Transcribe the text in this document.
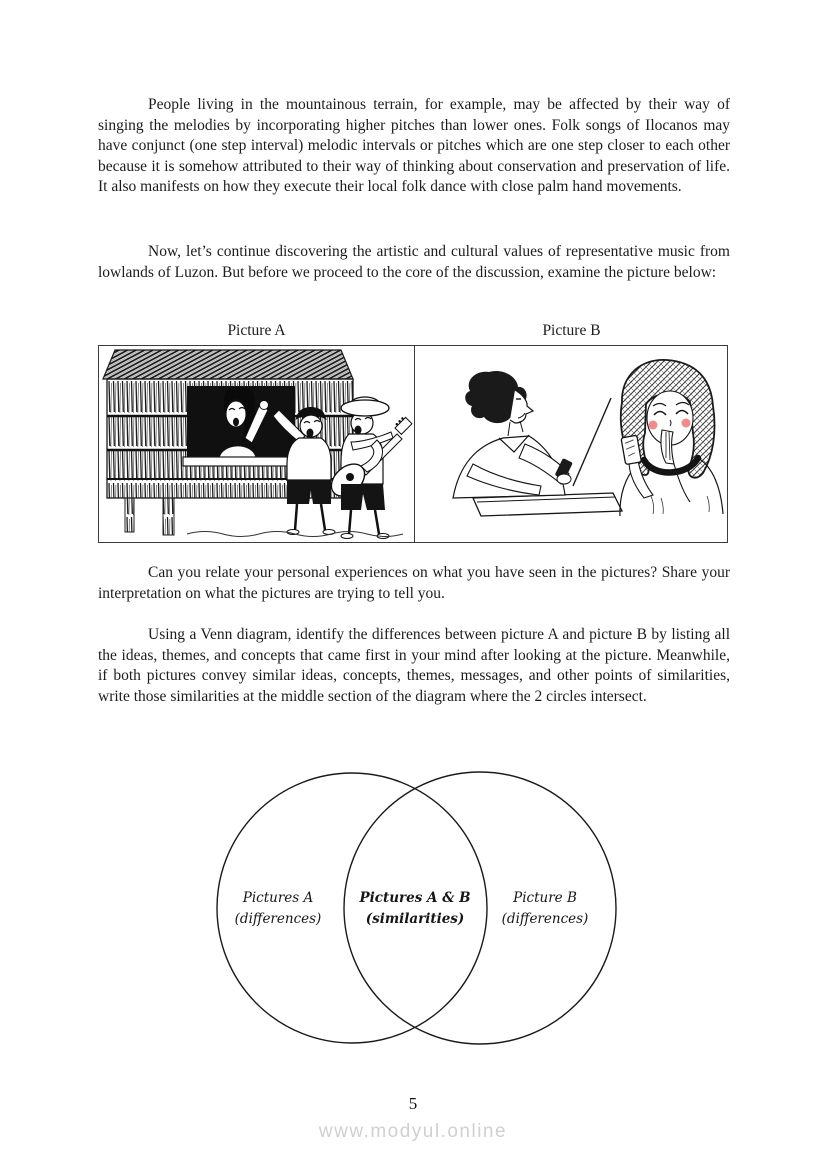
People living in the mountainous terrain, for example, may be affected by their way of singing the melodies by incorporating higher pitches than lower ones. Folk songs of Ilocanos may have conjunct (one step interval) melodic intervals or pitches which are one step closer to each other because it is somehow attributed to their way of thinking about conservation and preservation of life. It also manifests on how they execute their local folk dance with close palm hand movements.

Now, let’s continue discovering the artistic and cultural values of representative music from lowlands of Luzon. But before we proceed to the core of the discussion, examine the picture below:

Picture A	Picture B

Can you relate your personal experiences on what you have seen in the pictures? Share your interpretation on what the pictures are trying to tell you.

Using a Venn diagram, identify the differences between picture A and picture B by listing all the ideas, themes, and concepts that came first in your mind after looking at the picture. Meanwhile, if both pictures convey similar ideas, concepts, themes, messages, and other points of similarities, write those similarities at the middle section of the diagram where the 2 circles intersect.

Pictures A
(differences)
Pictures A & B
(similarities)
Picture B
(differences)
5
www.modyul.online
